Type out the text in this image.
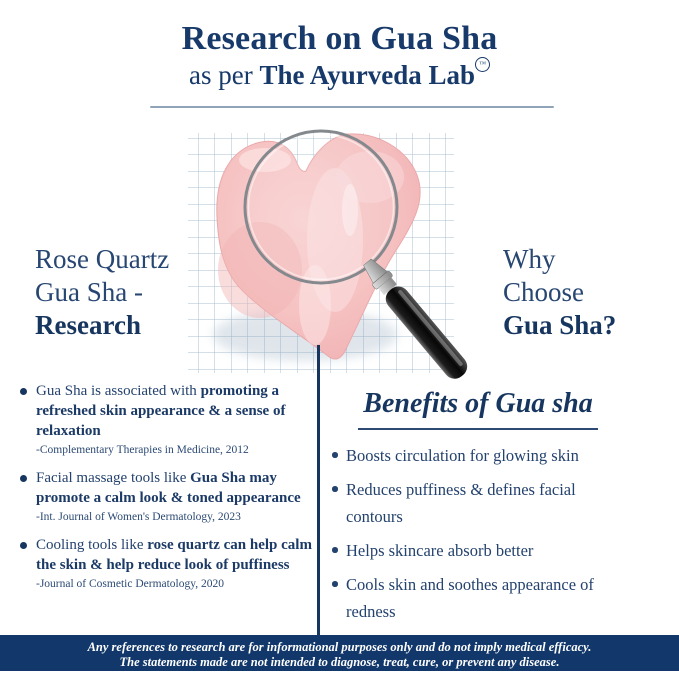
Research on Gua Sha
as per The Ayurveda Lab ™
Rose Quartz
Gua Sha -
Research
Why
Choose
Gua Sha?
Gua Sha is associated with promoting a refreshed skin appearance & a sense of relaxation
-Complementary Therapies in Medicine, 2012
Facial massage tools like Gua Sha may promote a calm look & toned appearance
-Int. Journal of Women's Dermatology, 2023
Cooling tools like rose quartz can help calm the skin & help reduce look of puffiness
-Journal of Cosmetic Dermatology, 2020
Benefits of Gua sha
Boosts circulation for glowing skin
Reduces puffiness & defines facial contours
Helps skincare absorb better
Cools skin and soothes appearance of redness
Any references to research are for informational purposes only and do not imply medical efficacy.
The statements made are not intended to diagnose, treat, cure, or prevent any disease.
